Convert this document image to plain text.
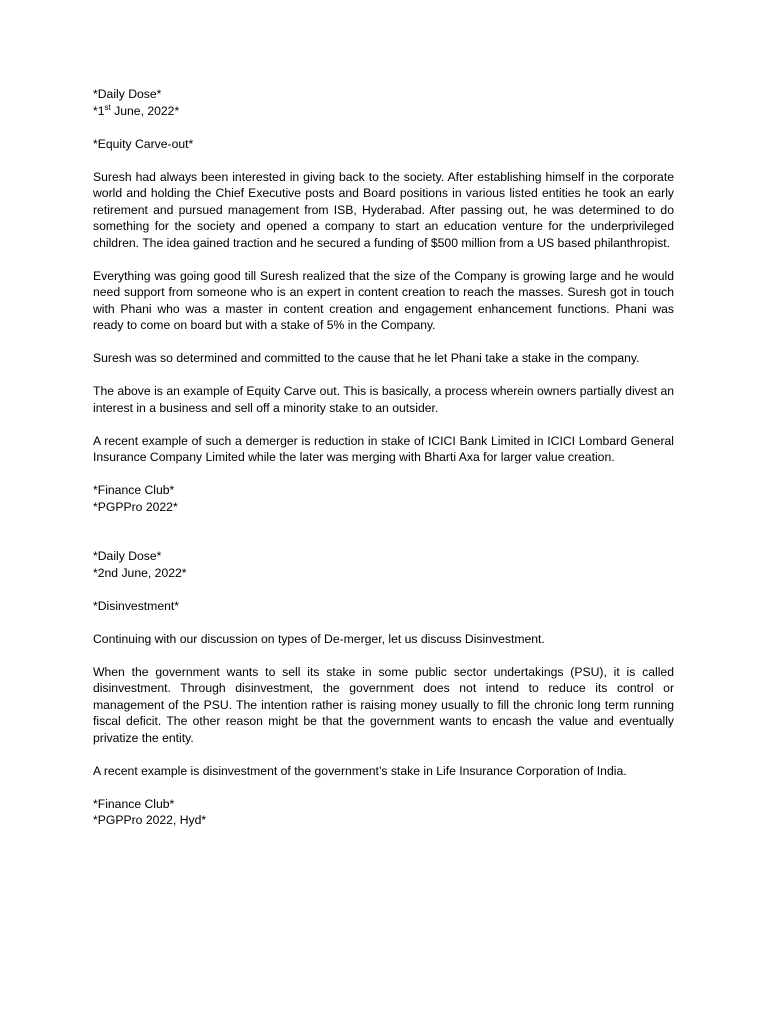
*Daily Dose*
*1st June, 2022*
*Equity Carve-out*

Suresh had always been interested in giving back to the society. After establishing himself in the corporate world and holding the Chief Executive posts and Board positions in various listed entities he took an early retirement and pursued management from ISB, Hyderabad. After passing out, he was determined to do something for the society and opened a company to start an education venture for the underprivileged children. The idea gained traction and he secured a funding of $500 million from a US based philanthropist.

Everything was going good till Suresh realized that the size of the Company is growing large and he would need support from someone who is an expert in content creation to reach the masses. Suresh got in touch with Phani who was a master in content creation and engagement enhancement functions. Phani was ready to come on board but with a stake of 5% in the Company.

Suresh was so determined and committed to the cause that he let Phani take a stake in the company.

The above is an example of Equity Carve out. This is basically, a process wherein owners partially divest an interest in a business and sell off a minority stake to an outsider.

A recent example of such a demerger is reduction in stake of ICICI Bank Limited in ICICI Lombard General Insurance Company Limited while the later was merging with Bharti Axa for larger value creation.

*Finance Club*
*PGPPro 2022*
*Daily Dose*
*2nd June, 2022*
*Disinvestment*

Continuing with our discussion on types of De-merger, let us discuss Disinvestment.

When the government wants to sell its stake in some public sector undertakings (PSU), it is called disinvestment. Through disinvestment, the government does not intend to reduce its control or management of the PSU. The intention rather is raising money usually to fill the chronic long term running fiscal deficit. The other reason might be that the government wants to encash the value and eventually privatize the entity.

A recent example is disinvestment of the government’s stake in Life Insurance Corporation of India.

*Finance Club*
*PGPPro 2022, Hyd*
